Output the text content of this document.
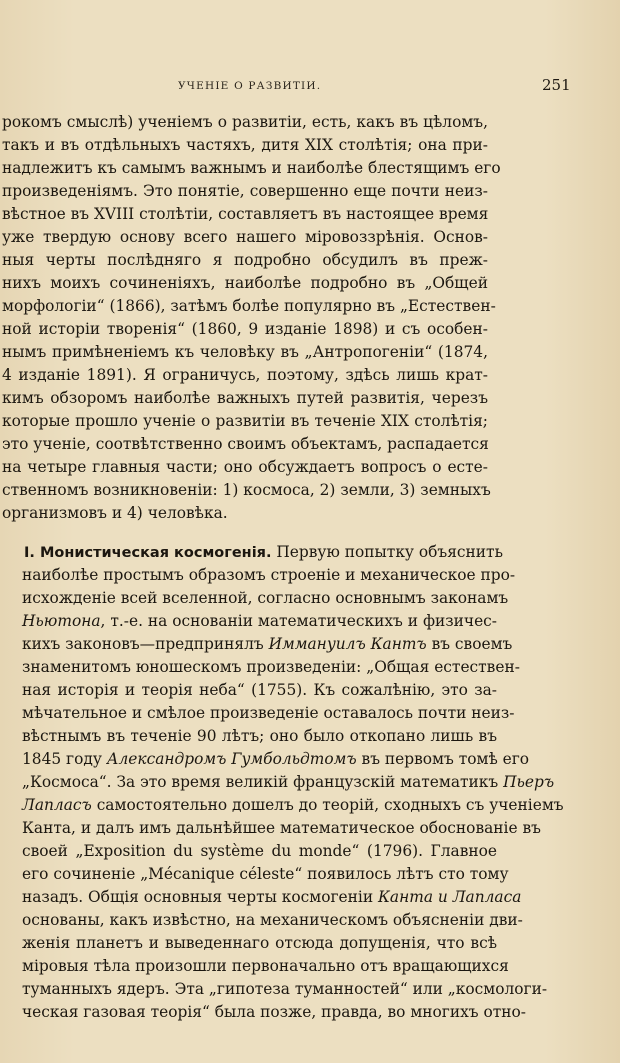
УЧЕНІЕ О РАЗВИТІИ.	251
рокомъ смыслѣ) ученіемъ о развитіи, есть, какъ въ цѣломъ,
такъ и въ отдѣльныхъ частяхъ, дитя XIX столѣтія; она при-
надлежитъ къ самымъ важнымъ и наиболѣе блестящимъ его
произведеніямъ. Это понятіе, совершенно еще почти неиз-
вѣстное въ XVIII столѣтіи, составляетъ въ настоящее время
уже твердую основу всего нашего міровоззрѣнія. Основ-
ныя черты послѣдняго я подробно обсудилъ въ преж-
нихъ моихъ сочиненіяхъ, наиболѣе подробно въ „Общей
морфологіи“ (1866), затѣмъ болѣе популярно въ „Естествен-
ной исторіи творенія“ (1860, 9 изданіе 1898) и съ особен-
нымъ примѣненіемъ къ человѣку въ „Антропогеніи“ (1874,
4 изданіе 1891). Я ограничусь, поэтому, здѣсь лишь крат-
кимъ обзоромъ наиболѣе важныхъ путей развитія, черезъ
которые прошло ученіе о развитіи въ теченіе XIX столѣтія;
это ученіе, соотвѣтственно своимъ объектамъ, распадается
на четыре главныя части; оно обсуждаетъ вопросъ о есте-
ственномъ возникновеніи: 1) космоса, 2) земли, 3) земныхъ
организмовъ и 4) человѣка.
I. Монистическая космогенія. Первую попытку объяснить
наиболѣе простымъ образомъ строеніе и механическое про-
исхожденіе всей вселенной, согласно основнымъ законамъ
Ньютона, т.-е. на основаніи математическихъ и физичес-
кихъ законовъ—предпринялъ Иммануилъ Кантъ въ своемъ
знаменитомъ юношескомъ произведеніи: „Общая естествен-
ная исторія и теорія неба“ (1755). Къ сожалѣнію, это за-
мѣчательное и смѣлое произведеніе оставалось почти неиз-
вѣстнымъ въ теченіе 90 лѣтъ; оно было откопано лишь въ
1845 году Александромъ Гумбольдтомъ въ первомъ томѣ его
„Космоса“. За это время великій французскій математикъ Пьеръ
Лапласъ самостоятельно дошелъ до теорій, сходныхъ съ ученіемъ
Канта, и далъ имъ дальнѣйшее математическое обоснованіе въ
своей „Exposition du système du monde“ (1796). Главное
его сочиненіе „Mécanique céleste“ появилось лѣтъ сто тому
назадъ. Общія основныя черты космогеніи Канта и Лапласа
основаны, какъ извѣстно, на механическомъ объясненіи дви-
женія планетъ и выведеннаго отсюда допущенія, что всѣ
міровыя тѣла произошли первоначально отъ вращающихся
туманныхъ ядеръ. Эта „гипотеза туманностей“ или „космологи-
ческая газовая теорія“ была позже, правда, во многихъ отно-
